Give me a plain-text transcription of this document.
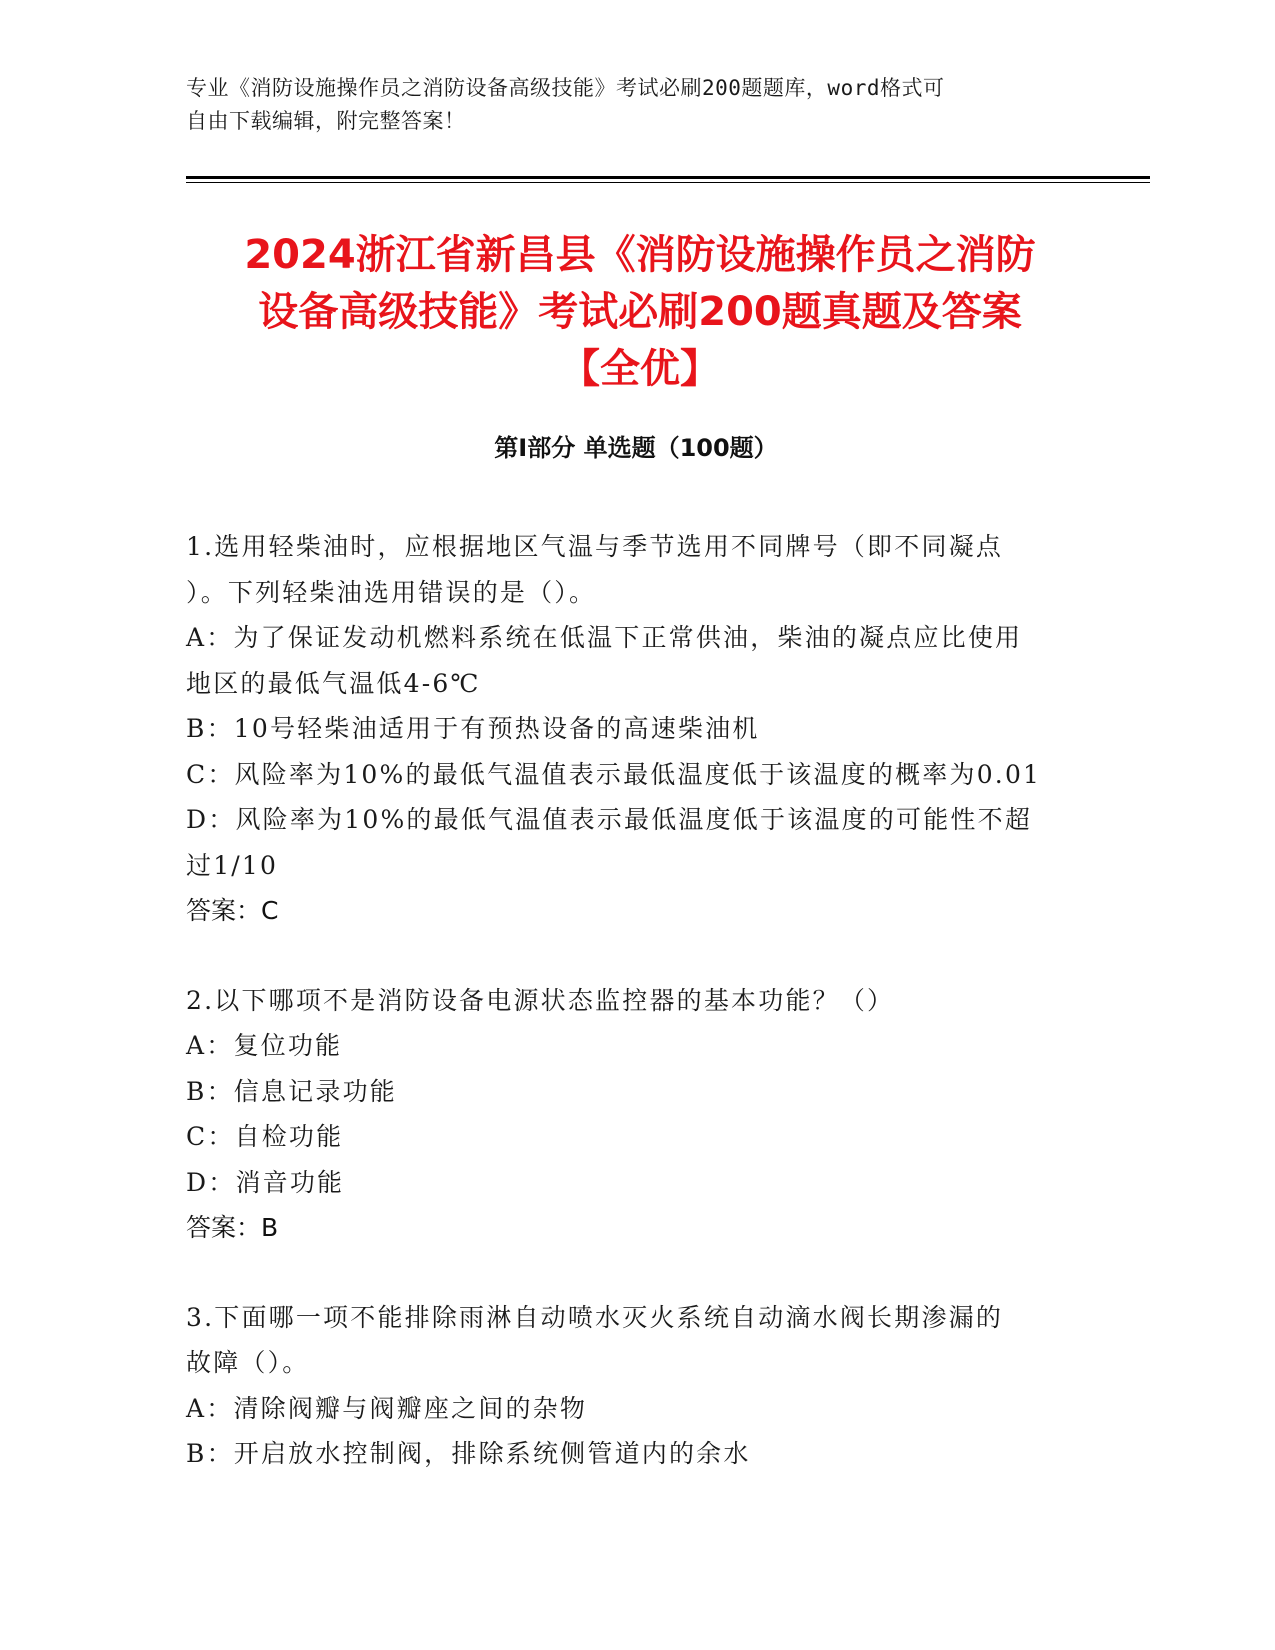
专业《消防设施操作员之消防设备高级技能》考试必刷200题题库，word格式可
自由下载编辑，附完整答案！
2024浙江省新昌县《消防设施操作员之消防
设备高级技能》考试必刷200题真题及答案
【全优】
第Ⅰ部分 单选题（100题）
1.选用轻柴油时，应根据地区气温与季节选用不同牌号（即不同凝点
）。下列轻柴油选用错误的是（）。
A：为了保证发动机燃料系统在低温下正常供油，柴油的凝点应比使用
地区的最低气温低4-6℃
B：10号轻柴油适用于有预热设备的高速柴油机
C：风险率为10%的最低气温值表示最低温度低于该温度的概率为0.01
D：风险率为10%的最低气温值表示最低温度低于该温度的可能性不超
过1/10
答案：C
2.以下哪项不是消防设备电源状态监控器的基本功能？（）
A：复位功能
B：信息记录功能
C：自检功能
D：消音功能
答案：B
3.下面哪一项不能排除雨淋自动喷水灭火系统自动滴水阀长期渗漏的
故障（）。
A：清除阀瓣与阀瓣座之间的杂物
B：开启放水控制阀，排除系统侧管道内的余水
